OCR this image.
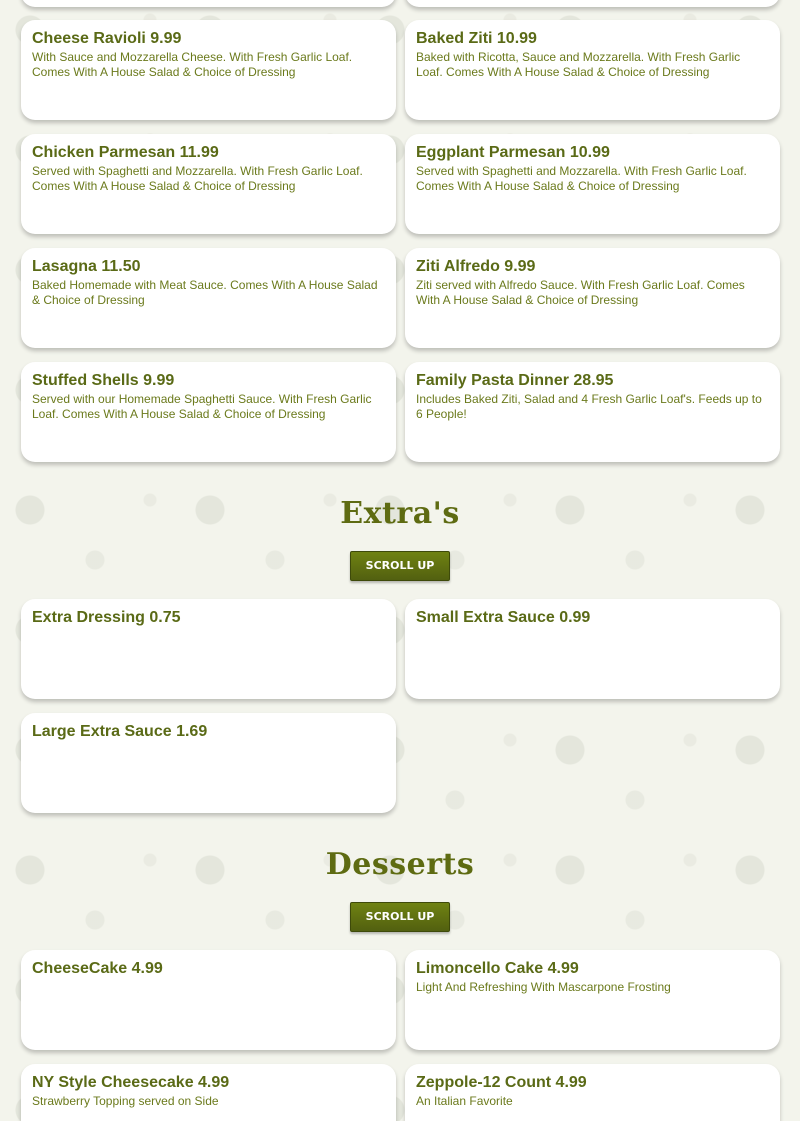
Cheese Ravioli 9.99
With Sauce and Mozzarella Cheese. With Fresh Garlic Loaf. Comes With A House Salad & Choice of Dressing
Baked Ziti 10.99
Baked with Ricotta, Sauce and Mozzarella. With Fresh Garlic Loaf. Comes With A House Salad & Choice of Dressing
Chicken Parmesan 11.99
Served with Spaghetti and Mozzarella. With Fresh Garlic Loaf. Comes With A House Salad & Choice of Dressing
Eggplant Parmesan 10.99
Served with Spaghetti and Mozzarella. With Fresh Garlic Loaf. Comes With A House Salad & Choice of Dressing
Lasagna 11.50
Baked Homemade with Meat Sauce. Comes With A House Salad & Choice of Dressing
Ziti Alfredo 9.99
Ziti served with Alfredo Sauce. With Fresh Garlic Loaf. Comes With A House Salad & Choice of Dressing
Stuffed Shells 9.99
Served with our Homemade Spaghetti Sauce. With Fresh Garlic Loaf. Comes With A House Salad & Choice of Dressing
Family Pasta Dinner 28.95
Includes Baked Ziti, Salad and 4 Fresh Garlic Loaf's. Feeds up to 6 People!
Extra's
SCROLL UP
Extra Dressing 0.75	Small Extra Sauce 0.99
Large Extra Sauce 1.69
Desserts
SCROLL UP
CheeseCake 4.99	Limoncello Cake 4.99
Light And Refreshing With Mascarpone Frosting
NY Style Cheesecake 4.99
Strawberry Topping served on Side
Zeppole-12 Count 4.99
An Italian Favorite
